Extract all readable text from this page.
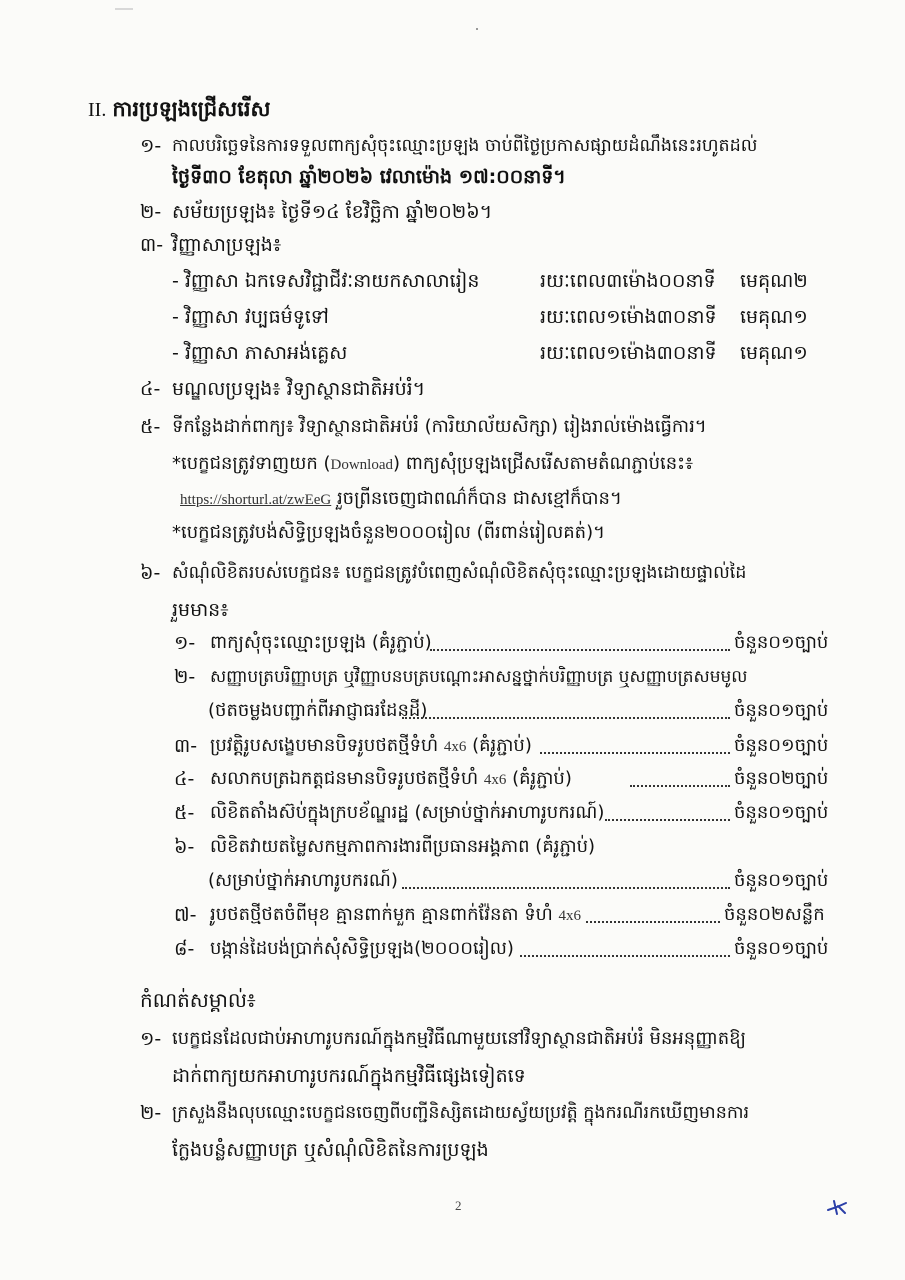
II. ការប្រឡងជ្រើសរើស
១- កាលបរិច្ឆេទនៃការទទួលពាក្យសុំចុះឈ្មោះប្រឡង ចាប់ពីថ្ងៃប្រកាសផ្សាយដំណឹងនេះរហូតដល់
ថ្ងៃទី៣០ ខែតុលា ឆ្នាំ២០២៦ វេលាម៉ោង ១៧:០០នាទី។
២- សម័យប្រឡង៖ ថ្ងៃទី១៤ ខែវិច្ឆិកា ឆ្នាំ២០២៦។
៣- វិញ្ញាសាប្រឡង៖
- វិញ្ញាសា ឯកទេសវិជ្ជាជីវៈនាយកសាលារៀន	រយៈពេល៣ម៉ោង០០នាទី មេគុណ២
- វិញ្ញាសា វប្បធម៌ទូទៅ	រយៈពេល១ម៉ោង៣០នាទី មេគុណ១
- វិញ្ញាសា ភាសាអង់គ្លេស	រយៈពេល១ម៉ោង៣០នាទី មេគុណ១
៤- មណ្ឌលប្រឡង៖ វិទ្យាស្ថានជាតិអប់រំ។
៥- ទីកន្លែងដាក់ពាក្យ៖ វិទ្យាស្ថានជាតិអប់រំ (ការិយាល័យសិក្សា) រៀងរាល់ម៉ោងធ្វើការ។
*បេក្ខជនត្រូវទាញយក (Download) ពាក្យសុំប្រឡងជ្រើសរើសតាមតំណភ្ជាប់នេះ៖
https://shorturl.at/zwEeG រួចព្រីនចេញជាពណ៌ក៏បាន ជាសខ្មៅក៏បាន។
*បេក្ខជនត្រូវបង់សិទ្ធិប្រឡងចំនួន២០០០រៀល (ពីរពាន់រៀលគត់)។
៦- សំណុំលិខិតរបស់បេក្ខជន៖ បេក្ខជនត្រូវបំពេញសំណុំលិខិតសុំចុះឈ្មោះប្រឡងដោយផ្ទាល់ដៃ
រួមមាន៖
១- ពាក្យសុំចុះឈ្មោះប្រឡង (គំរូភ្ជាប់)	ចំនួន០១ច្បាប់
២- សញ្ញាបត្របរិញ្ញាបត្រ ឬវិញ្ញាបនបត្របណ្ដោះអាសន្នថ្នាក់បរិញ្ញាបត្រ ឬសញ្ញាបត្រសមមូល
(ថតចម្លងបញ្ជាក់ពីអាជ្ញាធរដែនដី)	ចំនួន០១ច្បាប់
៣- ប្រវត្តិរូបសង្ខេបមានបិទរូបថតថ្មីទំហំ 4x6 (គំរូភ្ជាប់)	ចំនួន០១ច្បាប់
៤- សលាកបត្រឯកត្តជនមានបិទរូបថតថ្មីទំហំ 4x6 (គំរូភ្ជាប់)	ចំនួន០២ច្បាប់
៥- លិខិតតាំងស៊ប់ក្នុងក្របខ័ណ្ឌរដ្ឋ (សម្រាប់ថ្នាក់អាហារូបករណ៍)	ចំនួន០១ច្បាប់
៦- លិខិតវាយតម្លៃសកម្មភាពការងារពីប្រធានអង្គភាព (គំរូភ្ជាប់)
(សម្រាប់ថ្នាក់អាហារូបករណ៍)	ចំនួន០១ច្បាប់
៧- រូបថតថ្មីថតចំពីមុខ គ្មានពាក់មួក គ្មានពាក់វ៉ែនតា ទំហំ 4x6	ចំនួន០២សន្លឹក
៨- បង្កាន់ដៃបង់ប្រាក់សុំសិទ្ធិប្រឡង(២០០០រៀល)	ចំនួន០១ច្បាប់
កំណត់សម្គាល់៖
១- បេក្ខជនដែលជាប់អាហារូបករណ៍ក្នុងកម្មវិធីណាមួយនៅវិទ្យាស្ថានជាតិអប់រំ មិនអនុញ្ញាតឱ្យ
ដាក់ពាក្យយកអាហារូបករណ៍ក្នុងកម្មវិធីផ្សេងទៀតទេ
២- ក្រសួងនឹងលុបឈ្មោះបេក្ខជនចេញពីបញ្ជីនិស្សិតដោយស្វ័យប្រវត្តិ ក្នុងករណីរកឃើញមានការ
ក្លែងបន្លំសញ្ញាបត្រ ឬសំណុំលិខិតនៃការប្រឡង
2
